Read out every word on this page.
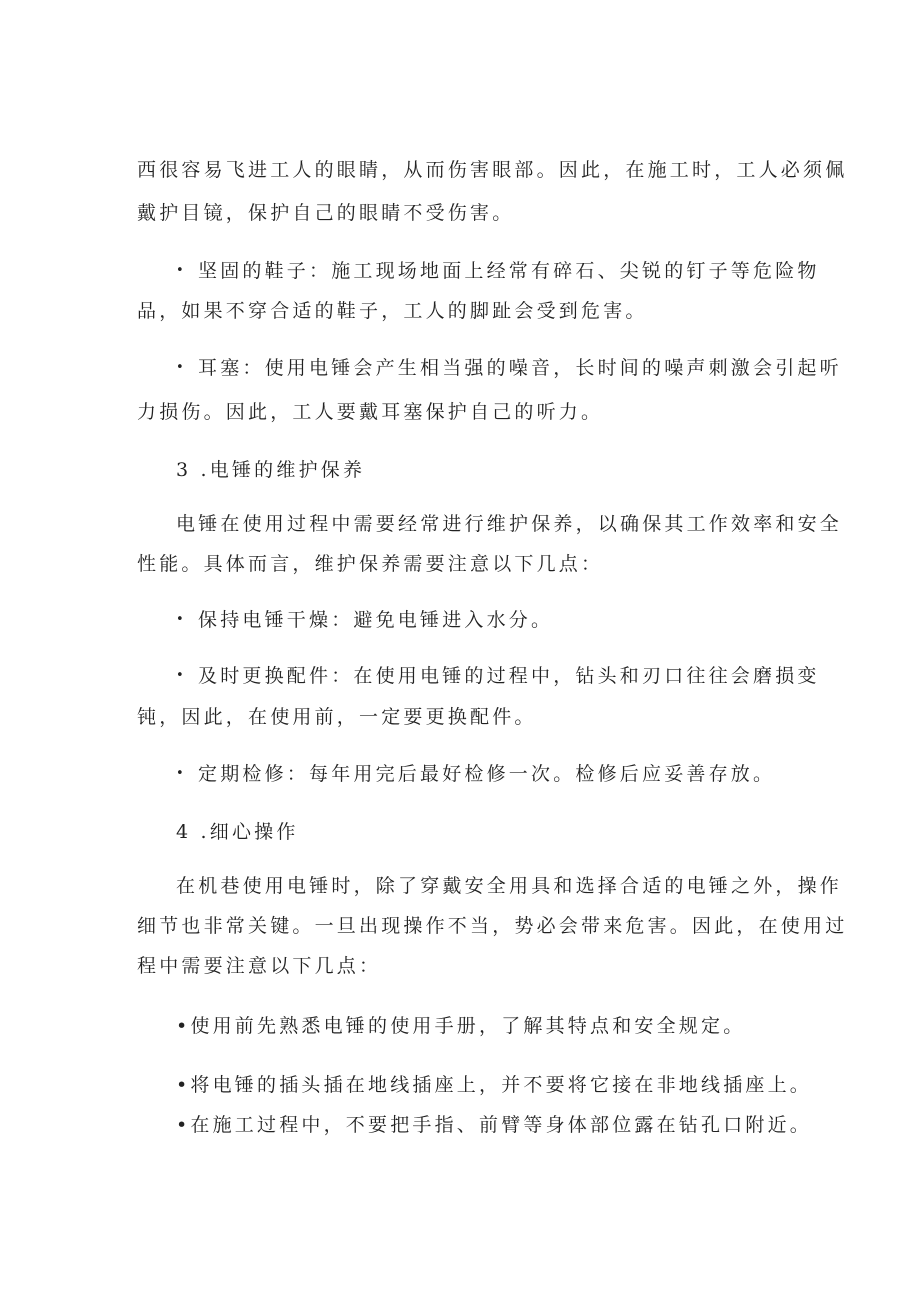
西很容易飞进工人的眼睛，从而伤害眼部。因此，在施工时，工人必须佩
戴护目镜，保护自己的眼睛不受伤害。
• 坚固的鞋子：施工现场地面上经常有碎石、尖锐的钉子等危险物
品，如果不穿合适的鞋子，工人的脚趾会受到危害。
• 耳塞：使用电锤会产生相当强的噪音，长时间的噪声刺激会引起听
力损伤。因此，工人要戴耳塞保护自己的听力。
3 .电锤的维护保养
电锤在使用过程中需要经常进行维护保养，以确保其工作效率和安全
性能。具体而言，维护保养需要注意以下几点：
• 保持电锤干燥：避免电锤进入水分。
• 及时更换配件：在使用电锤的过程中，钻头和刃口往往会磨损变
钝，因此，在使用前，一定要更换配件。
• 定期检修：每年用完后最好检修一次。检修后应妥善存放。
4 .细心操作
在机巷使用电锤时，除了穿戴安全用具和选择合适的电锤之外，操作
细节也非常关键。一旦出现操作不当，势必会带来危害。因此，在使用过
程中需要注意以下几点：
•使用前先熟悉电锤的使用手册，了解其特点和安全规定。
•将电锤的插头插在地线插座上，并不要将它接在非地线插座上。
•在施工过程中，不要把手指、前臂等身体部位露在钻孔口附近。
